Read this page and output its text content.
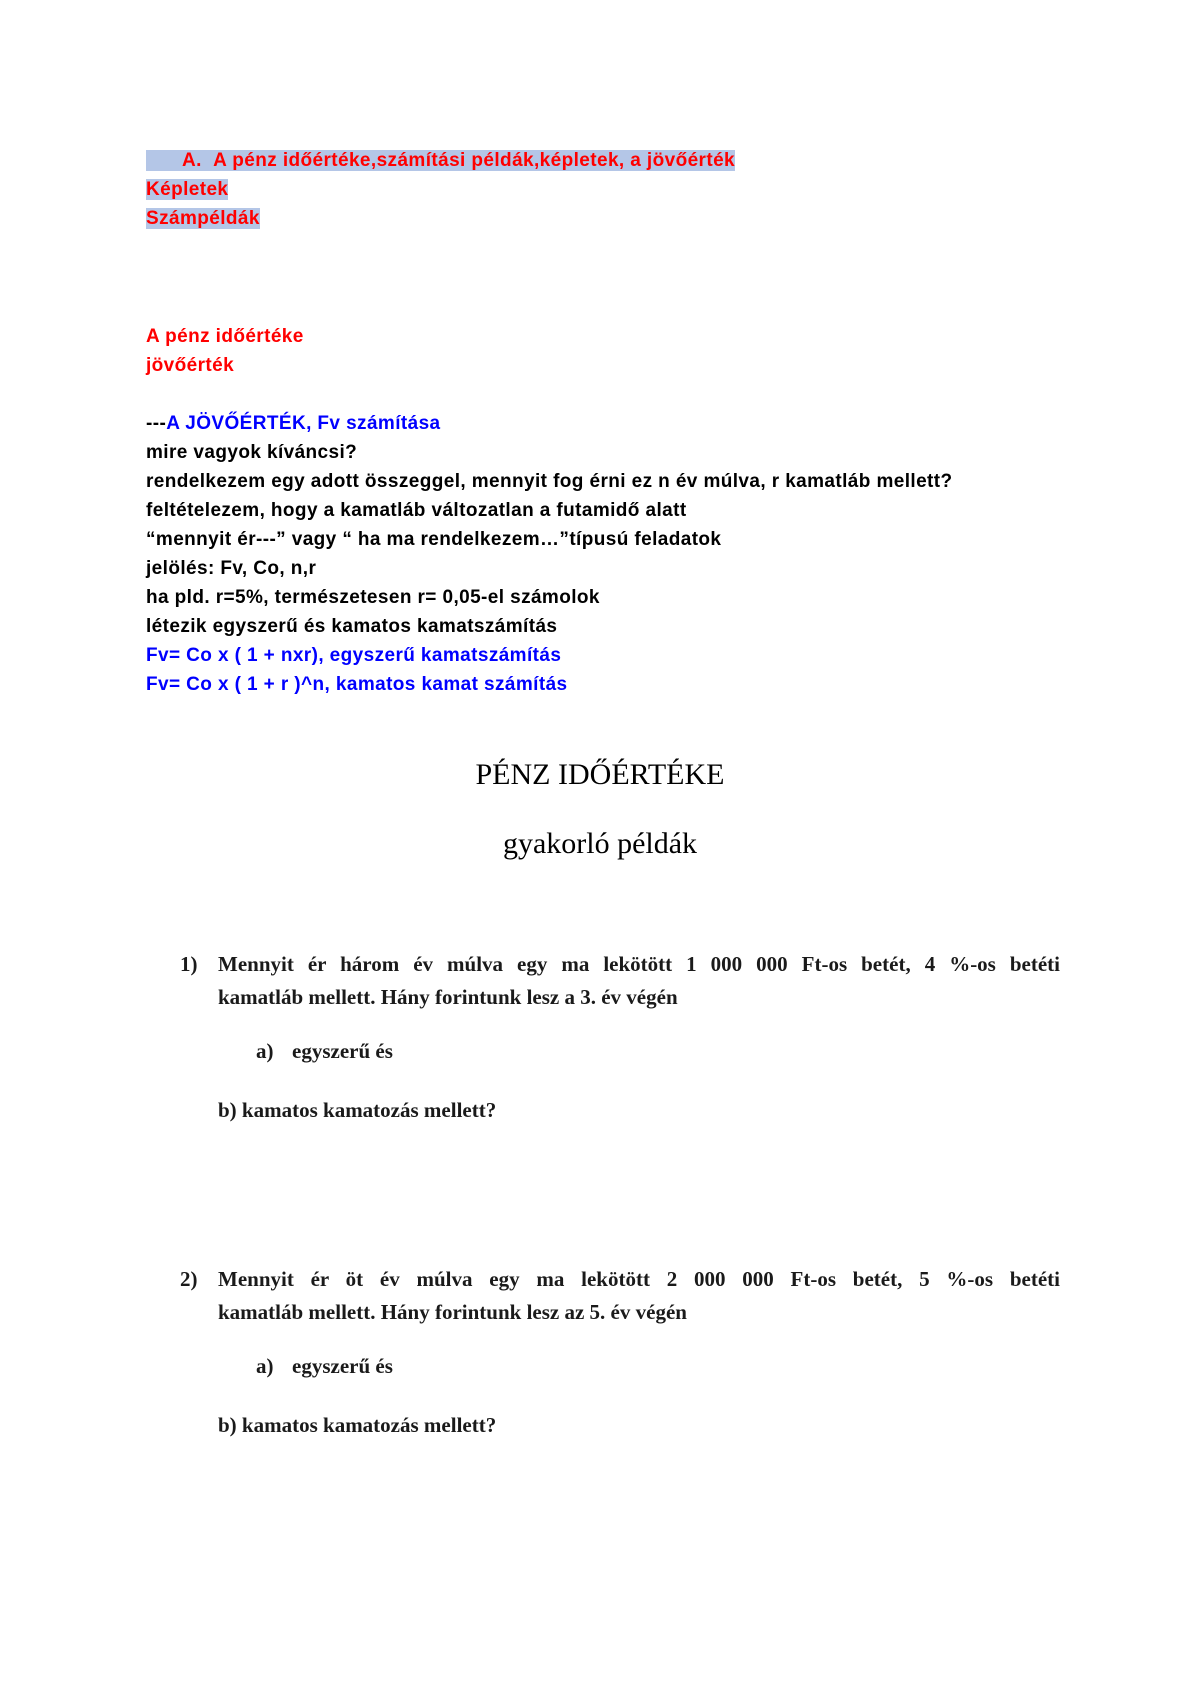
A. A pénz időértéke,számítási példák,képletek, a jövőérték
Képletek
Számpéldák
A pénz időértéke
jövőérték
---A JÖVŐÉRTÉK, Fv számítása
mire vagyok kíváncsi?
rendelkezem egy adott összeggel, mennyit fog érni ez n év múlva, r kamatláb mellett?
feltételezem, hogy a kamatláb változatlan a futamidő alatt
“mennyit ér---” vagy “ ha ma rendelkezem…”típusú feladatok
jelölés: Fv, Co, n,r
ha pld. r=5%, természetesen r= 0,05-el számolok
létezik egyszerű és kamatos kamatszámítás
Fv= Co x ( 1 + nxr), egyszerű kamatszámítás
Fv= Co x ( 1 + r )^n, kamatos kamat számítás
PÉNZ IDŐÉRTÉKE
gyakorló példák
1) Mennyit ér három év múlva egy ma lekötött 1 000 000 Ft-os betét, 4 %-os betéti
kamatláb mellett. Hány forintunk lesz a 3. év végén
a) egyszerű és
b) kamatos kamatozás mellett?
2) Mennyit ér öt év múlva egy ma lekötött 2 000 000 Ft-os betét, 5 %-os betéti
kamatláb mellett. Hány forintunk lesz az 5. év végén
a) egyszerű és
b) kamatos kamatozás mellett?
